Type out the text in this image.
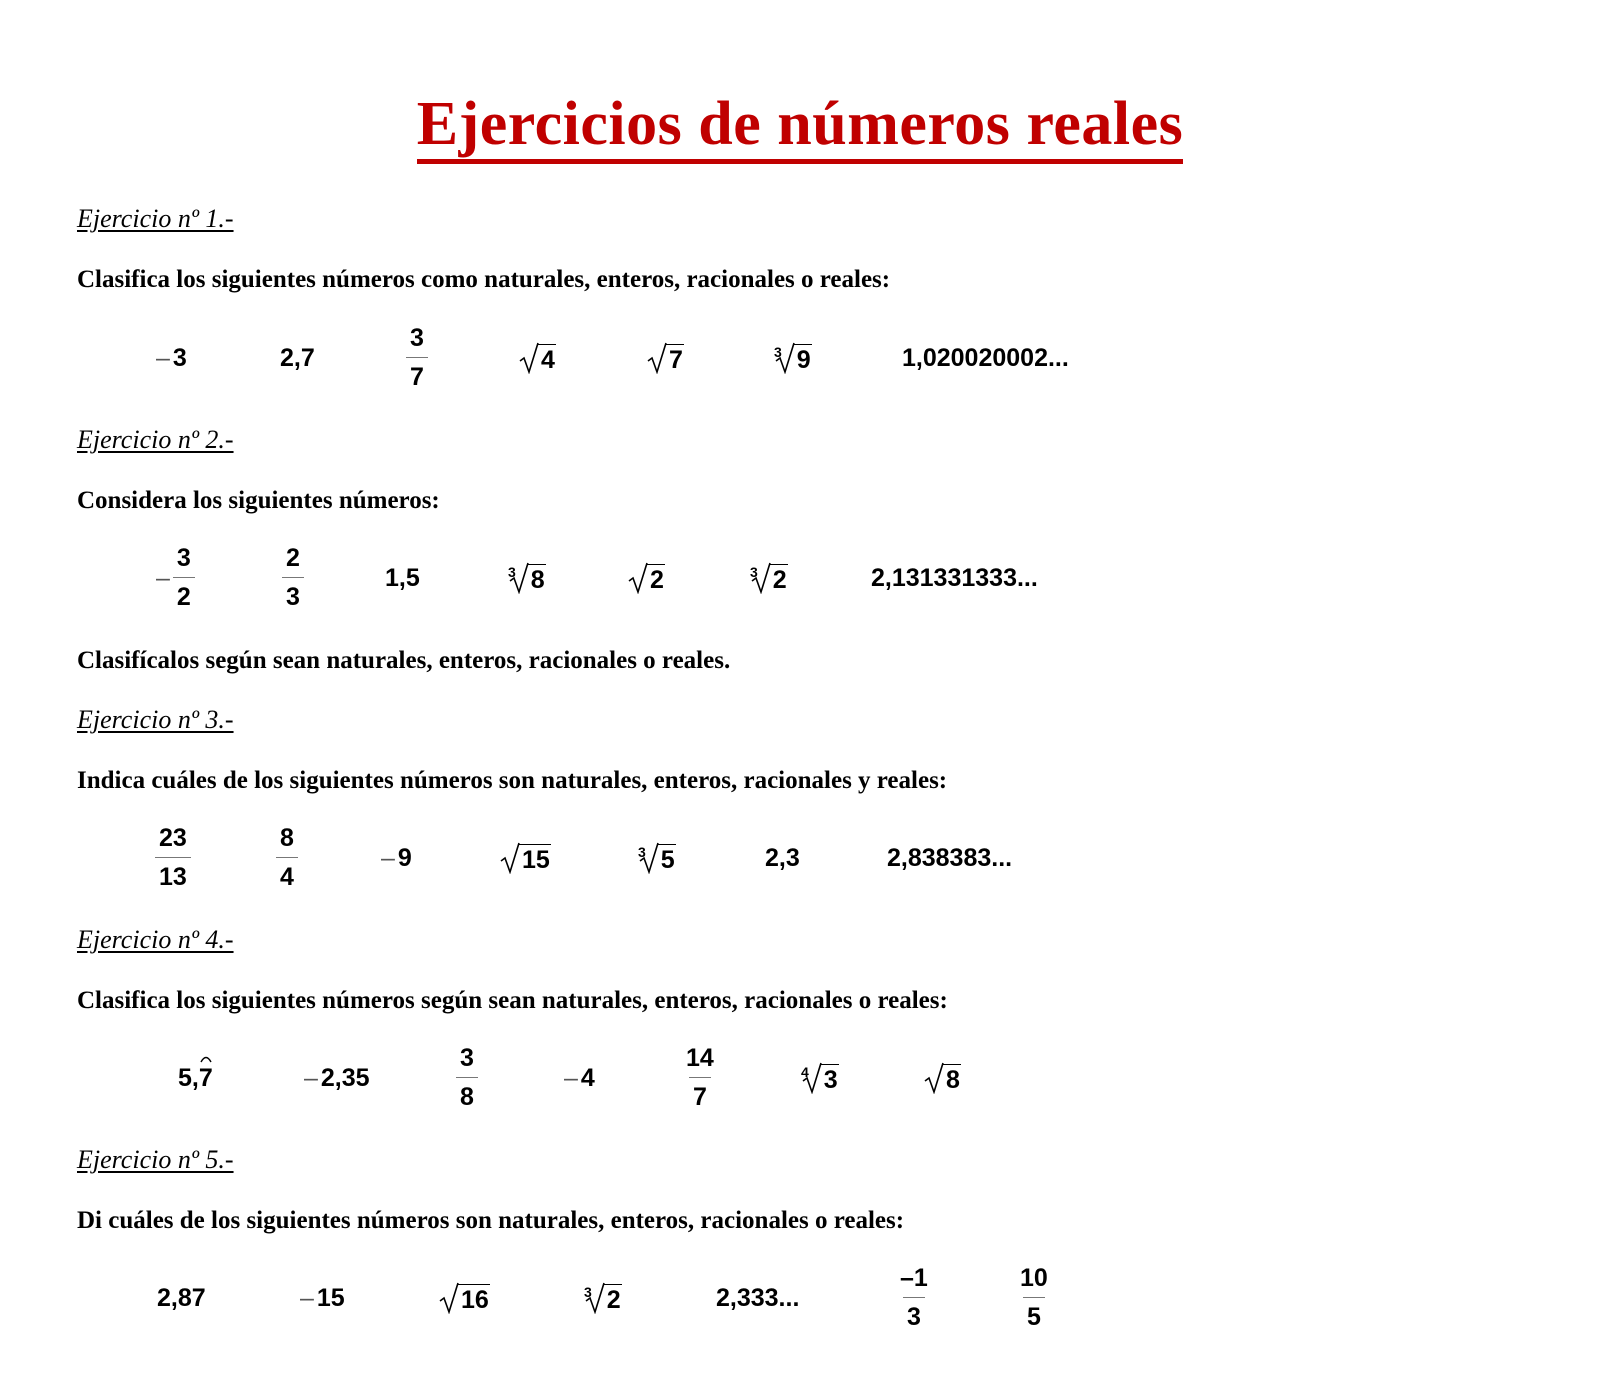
Ejercicios de números reales
Ejercicio nº 1.-
Clasifica los siguientes números como naturales, enteros, racionales o reales:
– 3	2,7	$\frac{3}{7}$	4	7	3 9	1,020020002...
Ejercicio nº 2.-
Considera los siguientes números:
– $\frac{3}{2}$	$\frac{2}{3}$	1,5	3 8	2	3 2	2,131331333...
Clasifícalos según sean naturales, enteros, racionales o reales.
Ejercicio nº 3.-
Indica cuáles de los siguientes números son naturales, enteros, racionales y reales:
$\frac{23}{13}$	$\frac{8}{4}$	– 9	15	3 5	2,3	2,838383...
Ejercicio nº 4.-
Clasifica los siguientes números según sean naturales, enteros, racionales o reales:
5, 7	– 2,35	$\frac{3}{8}$	– 4	$\frac{14}{7}$	4 3	8
Ejercicio nº 5.-
Di cuáles de los siguientes números son naturales, enteros, racionales o reales:
2,87	– 15	16	3 2	2,333...	$\frac{-1}{3}$	$\frac{10}{5}$
